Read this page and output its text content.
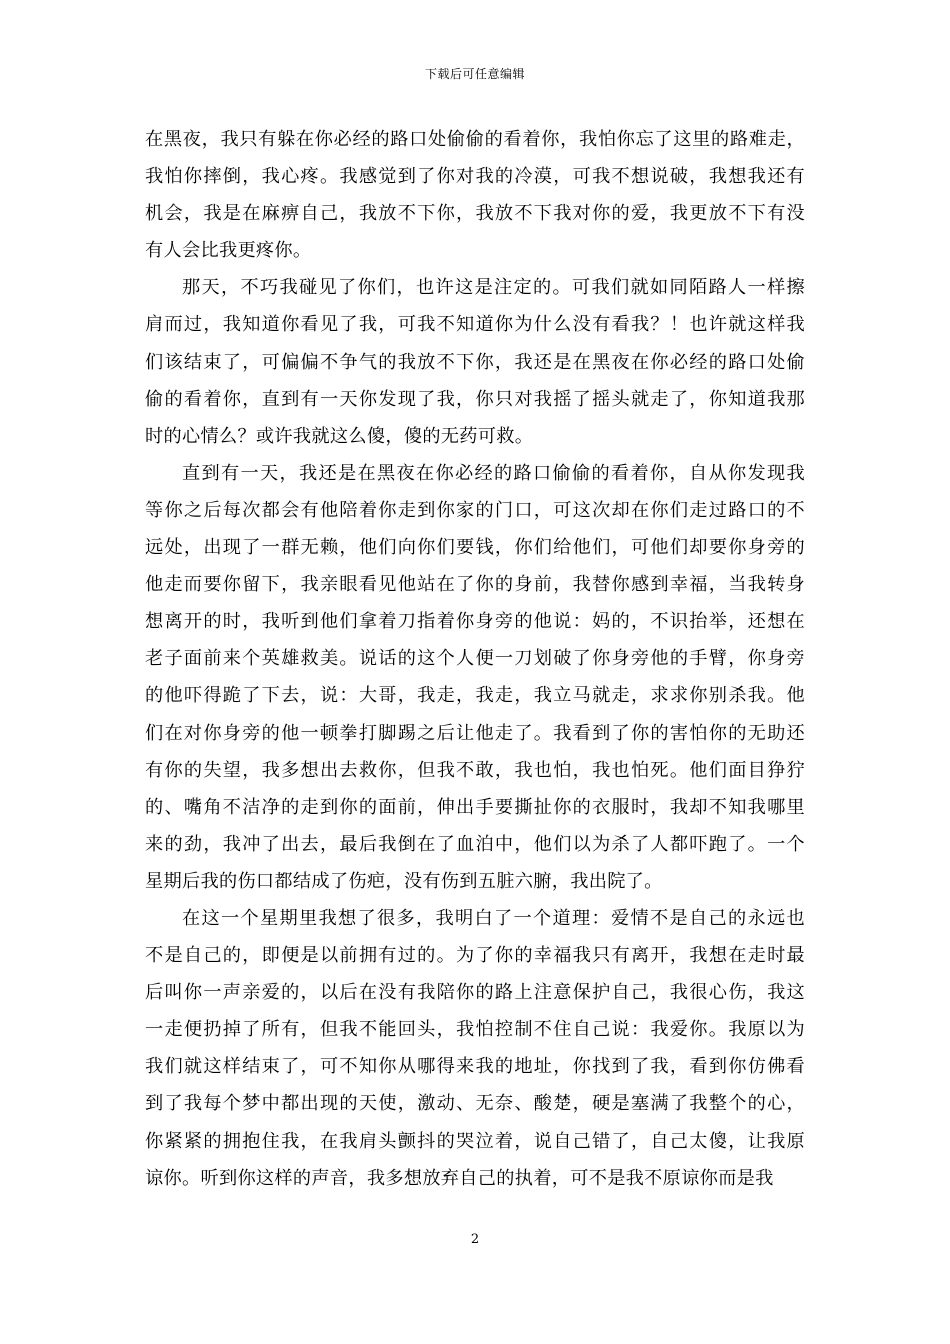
下载后可任意编辑
在黑夜，我只有躲在你必经的路口处偷偷的看着你，我怕你忘了这里的路难走，
我怕你摔倒，我心疼。我感觉到了你对我的冷漠，可我不想说破，我想我还有
机会，我是在麻痹自己，我放不下你，我放不下我对你的爱，我更放不下有没
有人会比我更疼你。
那天，不巧我碰见了你们，也许这是注定的。可我们就如同陌路人一样擦
肩而过，我知道你看见了我，可我不知道你为什么没有看我？！也许就这样我
们该结束了，可偏偏不争气的我放不下你，我还是在黑夜在你必经的路口处偷
偷的看着你，直到有一天你发现了我，你只对我摇了摇头就走了，你知道我那
时的心情么？或许我就这么傻，傻的无药可救。
直到有一天，我还是在黑夜在你必经的路口偷偷的看着你，自从你发现我
等你之后每次都会有他陪着你走到你家的门口，可这次却在你们走过路口的不
远处，出现了一群无赖，他们向你们要钱，你们给他们，可他们却要你身旁的
他走而要你留下，我亲眼看见他站在了你的身前，我替你感到幸福，当我转身
想离开的时，我听到他们拿着刀指着你身旁的他说：妈的，不识抬举，还想在
老子面前来个英雄救美。说话的这个人便一刀划破了你身旁他的手臂，你身旁
的他吓得跪了下去，说：大哥，我走，我走，我立马就走，求求你别杀我。他
们在对你身旁的他一顿拳打脚踢之后让他走了。我看到了你的害怕你的无助还
有你的失望，我多想出去救你，但我不敢，我也怕，我也怕死。他们面目狰狞
的、嘴角不洁净的走到你的面前，伸出手要撕扯你的衣服时，我却不知我哪里
来的劲，我冲了出去，最后我倒在了血泊中，他们以为杀了人都吓跑了。一个
星期后我的伤口都结成了伤疤，没有伤到五脏六腑，我出院了。
在这一个星期里我想了很多，我明白了一个道理：爱情不是自己的永远也
不是自己的，即便是以前拥有过的。为了你的幸福我只有离开，我想在走时最
后叫你一声亲爱的，以后在没有我陪你的路上注意保护自己，我很心伤，我这
一走便扔掉了所有，但我不能回头，我怕控制不住自己说：我爱你。我原以为
我们就这样结束了，可不知你从哪得来我的地址，你找到了我，看到你仿佛看
到了我每个梦中都出现的天使，激动、无奈、酸楚，硬是塞满了我整个的心，
你紧紧的拥抱住我，在我肩头颤抖的哭泣着，说自己错了，自己太傻，让我原
谅你。听到你这样的声音，我多想放弃自己的执着，可不是我不原谅你而是我
2
